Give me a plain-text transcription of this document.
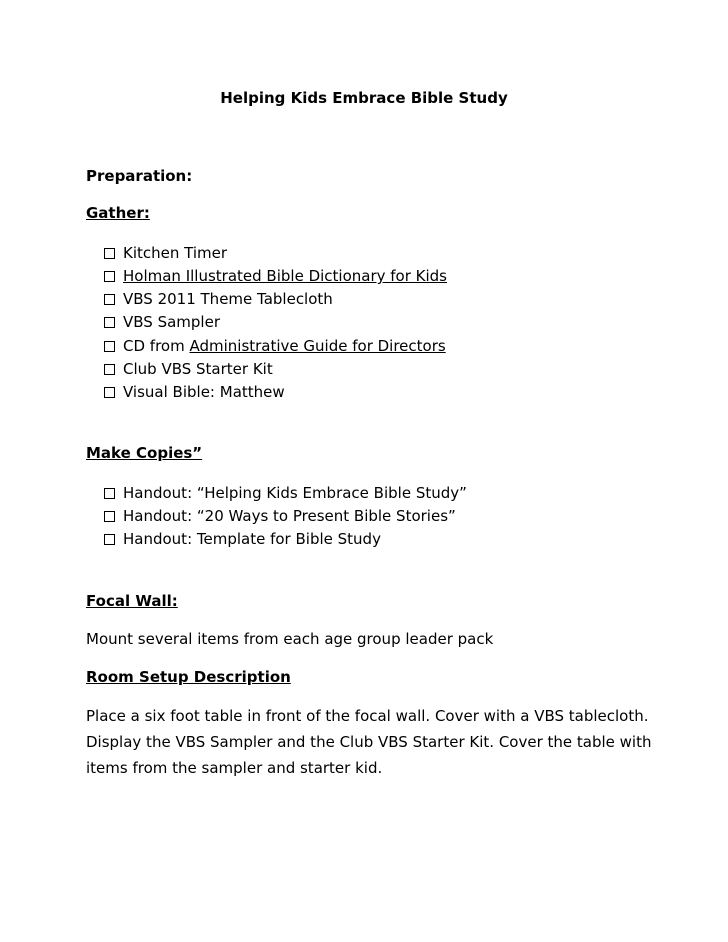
Helping Kids Embrace Bible Study
Preparation:
Gather:
Kitchen Timer
Holman Illustrated Bible Dictionary for Kids
VBS 2011 Theme Tablecloth
VBS Sampler
CD from Administrative Guide for Directors
Club VBS Starter Kit
Visual Bible: Matthew
Make Copies”
Handout: “Helping Kids Embrace Bible Study”
Handout: “20 Ways to Present Bible Stories”
Handout: Template for Bible Study
Focal Wall:
Mount several items from each age group leader pack
Room Setup Description
Place a six foot table in front of the focal wall. Cover with a VBS tablecloth. Display the VBS Sampler and the Club VBS Starter Kit. Cover the table with items from the sampler and starter kid.
